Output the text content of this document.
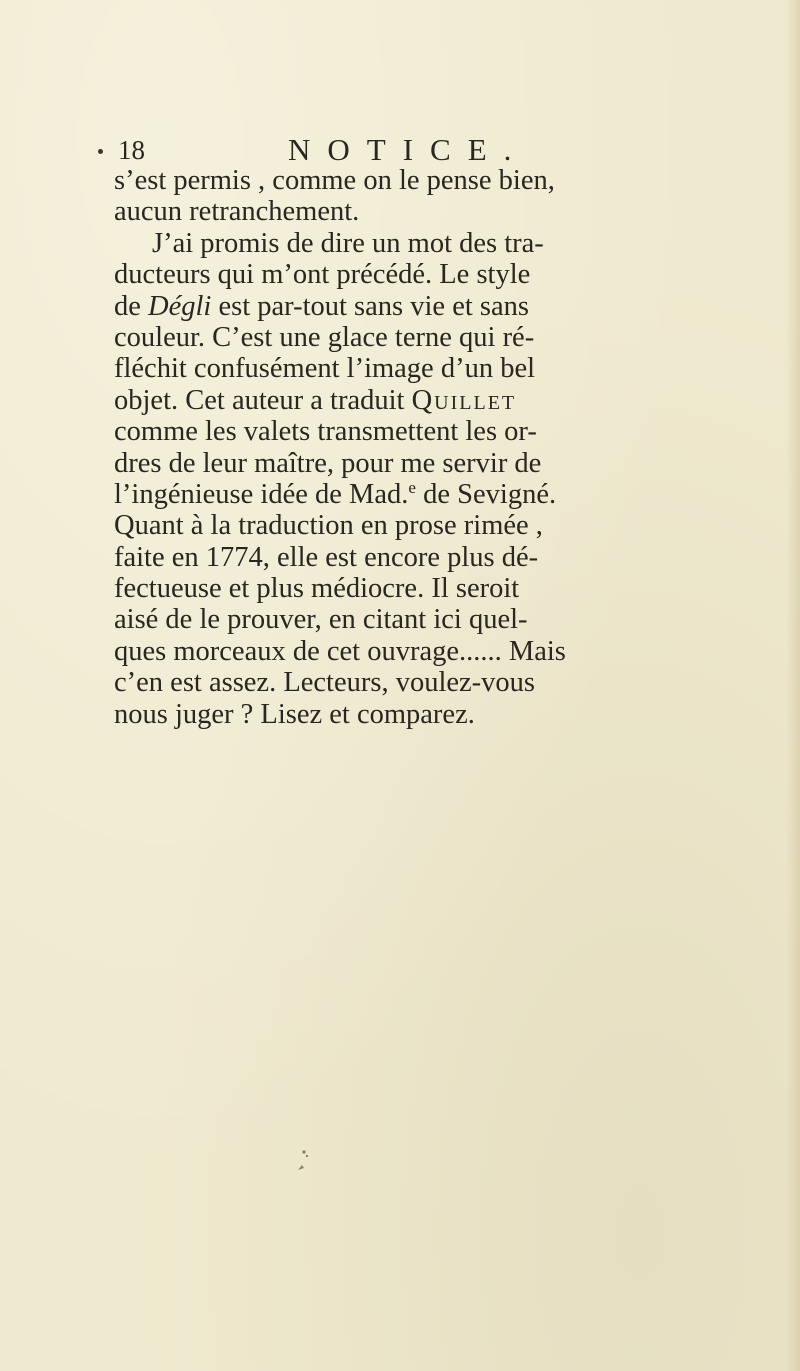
18	NOTICE.
s’est permis , comme on le pense bien,
aucun retranchement.
J’ai promis de dire un mot des tra-
ducteurs qui m’ont précédé. Le style
de Dégli est par-tout sans vie et sans
couleur. C’est une glace terne qui ré-
fléchit confusément l’image d’un bel
objet. Cet auteur a traduit Quillet
comme les valets transmettent les or-
dres de leur maître, pour me servir de
l’ingénieuse idée de Mad.$^e$ de Sevigné.
Quant à la traduction en prose rimée ,
faite en 1774, elle est encore plus dé-
fectueuse et plus médiocre. Il seroit
aisé de le prouver, en citant ici quel-
ques morceaux de cet ouvrage...... Mais
c’en est assez. Lecteurs, voulez-vous
nous juger ? Lisez et comparez.
